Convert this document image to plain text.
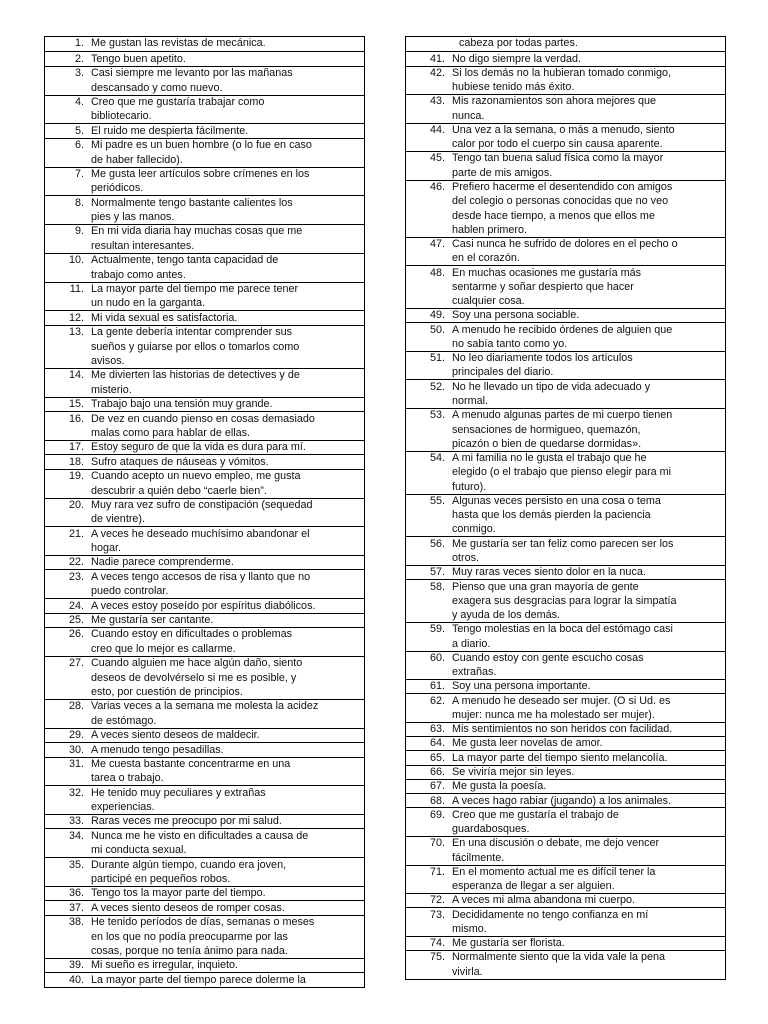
1. Me gustan las revistas de mecánica.
2. Tengo buen apetito.
3. Casi siempre me levanto por las mañanas
descansado y como nuevo.
4. Creo que me gustaría trabajar como
bibliotecario.
5. El ruido me despierta fácilmente.
6. Mi padre es un buen hombre (o lo fue en caso
de haber fallecido).
7. Me gusta leer artículos sobre crímenes en los
periódicos.
8. Normalmente tengo bastante calientes los
pies y las manos.
9. En mi vida diaria hay muchas cosas que me
resultan interesantes.
10. Actualmente, tengo tanta capacidad de
trabajo como antes.
11. La mayor parte del tiempo me parece tener
un nudo en la garganta.
12. Mi vida sexual es satisfactoria.
13. La gente debería intentar comprender sus
sueños y guiarse por ellos o tomarlos como
avisos.
14. Me divierten las historias de detectives y de
misterio.
15. Trabajo bajo una tensión muy grande.
16. De vez en cuando pienso en cosas demasiado
malas como para hablar de ellas.
17. Estoy seguro de que la vida es dura para mí.
18. Sufro ataques de náuseas y vómitos.
19. Cuando acepto un nuevo empleo, me gusta
descubrir a quién debo “caerle bien”.
20. Muy rara vez sufro de constipación (sequedad
de vientre).
21. A veces he deseado muchísimo abandonar el
hogar.
22. Nadie parece comprenderme.
23. A veces tengo accesos de risa y llanto que no
puedo controlar.
24. A veces estoy poseído por espíritus diabólicos.
25. Me gustaría ser cantante.
26. Cuando estoy en dificultades o problemas
creo que lo mejor es callarme.
27. Cuando alguien me hace algún daño, siento
deseos de devolvérselo si me es posible, y
esto, por cuestión de principios.
28. Varias veces a la semana me molesta la acidez
de estómago.
29. A veces siento deseos de maldecir.
30. A menudo tengo pesadillas.
31. Me cuesta bastante concentrarme en una
tarea o trabajo.
32. He tenido muy peculiares y extrañas
experiencias.
33. Raras veces me preocupo por mi salud.
34. Nunca me he visto en dificultades a causa de
mi conducta sexual.
35. Durante algún tiempo, cuando era joven,
participé en pequeños robos.
36. Tengo tos la mayor parte del tiempo.
37. A veces siento deseos de romper cosas.
38. He tenido períodos de días, semanas o meses
en los que no podía preocuparme por las
cosas, porque no tenía ánimo para nada.
39. Mi sueño es irregular, inquieto.
40. La mayor parte del tiempo parece dolerme la
cabeza por todas partes.
41. No digo siempre la verdad.
42. Si los demás no la hubieran tomado conmigo,
hubiese tenido más éxito.
43. Mis razonamientos son ahora mejores que
nunca.
44. Una vez a la semana, o más a menudo, siento
calor por todo el cuerpo sin causa aparente.
45. Tengo tan buena salud física como la mayor
parte de mis amigos.
46. Prefiero hacerme el desentendido con amigos
del colegio o personas conocidas que no veo
desde hace tiempo, a menos que ellos me
hablen primero.
47. Casi nunca he sufrido de dolores en el pecho o
en el corazón.
48. En muchas ocasiones me gustaría más
sentarme y soñar despierto que hacer
cualquier cosa.
49. Soy una persona sociable.
50. A menudo he recibido órdenes de alguien que
no sabía tanto como yo.
51. No leo diariamente todos los artículos
principales del diario.
52. No he llevado un tipo de vida adecuado y
normal.
53. A menudo algunas partes de mi cuerpo tienen
sensaciones de hormigueo, quemazón,
picazón o bien de quedarse dormidas».
54. A mi familia no le gusta el trabajo que he
elegido (o el trabajo que pienso elegir para mi
futuro).
55. Algunas veces persisto en una cosa o tema
hasta que los demás pierden la paciencia
conmigo.
56. Me gustaría ser tan feliz como parecen ser los
otros.
57. Muy raras veces siento dolor en la nuca.
58. Pienso que una gran mayoría de gente
exagera sus desgracias para lograr la simpatía
y ayuda de los demás.
59. Tengo molestias en la boca del estómago casi
a diario.
60. Cuando estoy con gente escucho cosas
extrañas.
61. Soy una persona importante.
62. A menudo he deseado ser mujer. (O si Ud. es
mujer: nunca me ha molestado ser mujer).
63. Mis sentimientos no son heridos con facilidad.
64. Me gusta leer novelas de amor.
65. La mayor parte del tiempo siento melancolía.
66. Se viviría mejor sin leyes.
67. Me gusta la poesía.
68. A veces hago rabiar (jugando) a los animales.
69. Creo que me gustaría el trabajo de
guardabosques.
70. En una discusión o debate, me dejo vencer
fácilmente.
71. En el momento actual me es difícil tener la
esperanza de llegar a ser alguien.
72. A veces mi alma abandona mi cuerpo.
73. Decididamente no tengo confianza en mí
mismo.
74. Me gustaría ser florista.
75. Normalmente siento que la vida vale la pena
vivirla.
